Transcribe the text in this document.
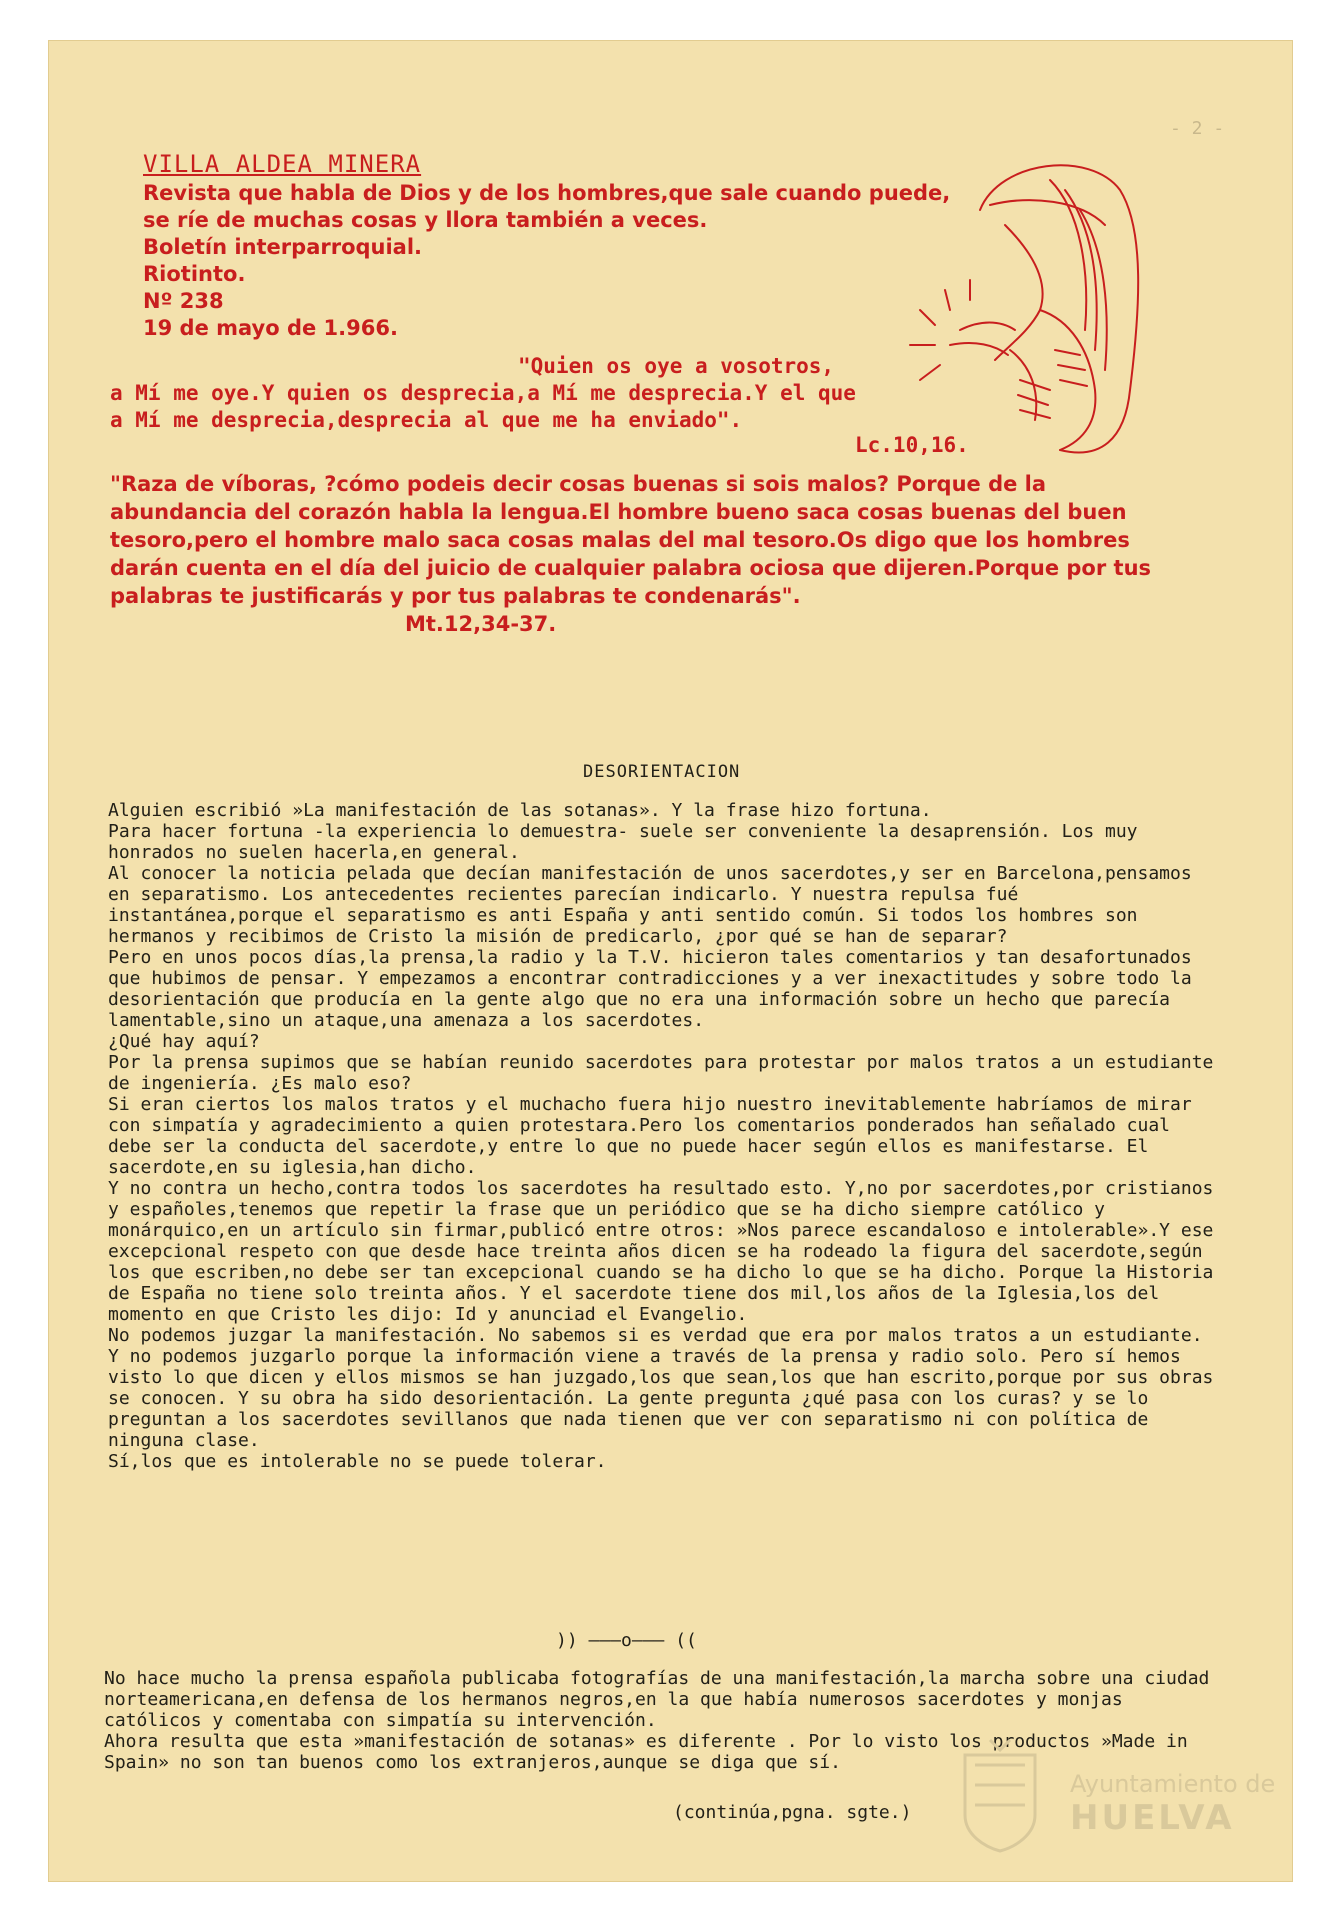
- 2 -
VILLA ALDEA MINERA
Revista que habla de Dios y de los hombres,que sale cuando puede,
se ríe de muchas cosas y llora también a veces.
Boletín interparroquial.
Riotinto.
Nº 238
19 de mayo de 1.966.
"Quien os oye a vosotros,
a Mí me oye.Y quien os desprecia,a Mí me desprecia.Y el que
a Mí me desprecia,desprecia al que me ha enviado".
Lc.10,16.
"Raza de víboras, ?cómo podeis decir cosas buenas si sois malos? Porque de la abundancia del corazón habla la lengua.El hombre bueno saca cosas buenas del buen tesoro,pero el hombre malo saca cosas malas del mal tesoro.Os digo que los hombres darán cuenta en el día del juicio de cualquier palabra ociosa que dijeren.Porque por tus palabras te justificarás y por tus palabras te condenarás".
Mt.12,34-37.
DESORIENTACION

Alguien escribió »La manifestación de las sotanas». Y la frase hizo fortuna.

Para hacer fortuna -la experiencia lo demuestra- suele ser conveniente la desaprensión. Los muy honrados no suelen hacerla,en general.

Al conocer la noticia pelada que decían manifestación de unos sacerdotes,y ser en Barcelona,pensamos en separatismo. Los antecedentes recientes parecían indicarlo. Y nuestra repulsa fué instantánea,porque el separatismo es anti España y anti sentido común. Si todos los hombres son hermanos y recibimos de Cristo la misión de predicarlo, ¿por qué se han de separar?

Pero en unos pocos días,la prensa,la radio y la T.V. hicieron tales comentarios y tan desafortunados que hubimos de pensar. Y empezamos a encontrar contradicciones y a ver inexactitudes y sobre todo la desorientación que producía en la gente algo que no era una información sobre un hecho que parecía lamentable,sino un ataque,una amenaza a los sacerdotes.

¿Qué hay aquí?

Por la prensa supimos que se habían reunido sacerdotes para protestar por malos tratos a un estudiante de ingeniería. ¿Es malo eso?

Si eran ciertos los malos tratos y el muchacho fuera hijo nuestro inevitablemente habríamos de mirar con simpatía y agradecimiento a quien protestara.Pero los comentarios ponderados han señalado cual debe ser la conducta del sacerdote,y entre lo que no puede hacer según ellos es manifestarse. El sacerdote,en su iglesia,han dicho.

Y no contra un hecho,contra todos los sacerdotes ha resultado esto. Y,no por sacerdotes,por cristianos y españoles,tenemos que repetir la frase que un periódico que se ha dicho siempre católico y monárquico,en un artículo sin firmar,publicó entre otros: »Nos parece escandaloso e intolerable».Y ese excepcional respeto con que desde hace treinta años dicen se ha rodeado la figura del sacerdote,según los que escriben,no debe ser tan excepcional cuando se ha dicho lo que se ha dicho. Porque la Historia de España no tiene solo treinta años. Y el sacerdote tiene dos mil,los años de la Iglesia,los del momento en que Cristo les dijo: Id y anunciad el Evangelio.

No podemos juzgar la manifestación. No sabemos si es verdad que era por malos tratos a un estudiante. Y no podemos juzgarlo porque la información viene a través de la prensa y radio solo. Pero sí hemos visto lo que dicen y ellos mismos se han juzgado,los que sean,los que han escrito,porque por sus obras se conocen. Y su obra ha sido desorientación. La gente pregunta ¿qué pasa con los curas? y se lo preguntan a los sacerdotes sevillanos que nada tienen que ver con separatismo ni con política de ninguna clase.

Sí,los que es intolerable no se puede tolerar.

)) ———o——— ((

No hace mucho la prensa española publicaba fotografías de una manifestación,la marcha sobre una ciudad norteamericana,en defensa de los hermanos negros,en la que había numerosos sacerdotes y monjas católicos y comentaba con simpatía su intervención.

Ahora resulta que esta »manifestación de sotanas» es diferente . Por lo visto los productos »Made in Spain» no son tan buenos como los extranjeros,aunque se diga que sí.

(continúa,pgna. sgte.)
Ayuntamiento de
HUELVA
